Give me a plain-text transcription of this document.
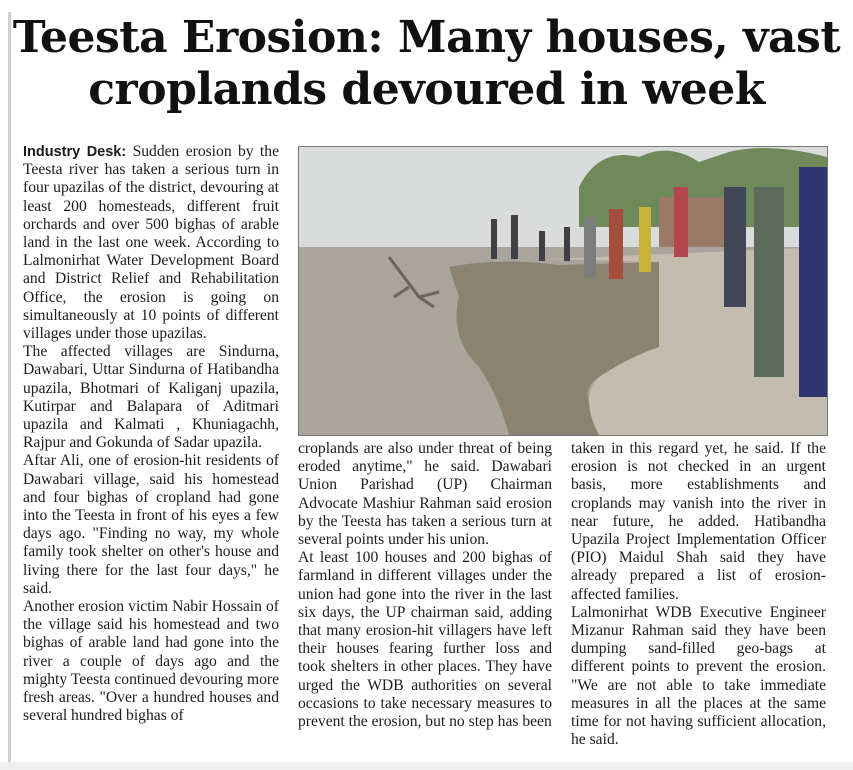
Teesta Erosion: Many houses, vast
croplands devoured in week

Industry Desk: Sudden erosion by the Teesta river has taken a serious turn in four upazilas of the district, devouring at least 200 homesteads, different fruit orchards and over 500 bighas of arable land in the last one week. According to Lalmonirhat Water Development Board and District Relief and Rehabilitation Office, the erosion is going on simultaneously at 10 points of different villages under those upazilas.

The affected villages are Sindurna, Dawabari, Uttar Sindurna of Hatibandha upazila, Bhotmari of Kaliganj upazila, Kutirpar and Balapara of Aditmari upazila and Kalmati , Khuniagachh, Rajpur and Gokunda of Sadar upazila.

Aftar Ali, one of erosion-hit residents of Dawabari village, said his homestead and four bighas of cropland had gone into the Teesta in front of his eyes a few days ago. "Finding no way, my whole family took shelter on other's house and living there for the last four days," he said.

Another erosion victim Nabir Hossain of the village said his homestead and two bighas of arable land had gone into the river a couple of days ago and the mighty Teesta continued devouring more fresh areas. "Over a hundred houses and several hundred bighas of

croplands are also under threat of being eroded anytime," he said. Dawabari Union Parishad (UP) Chairman Advocate Mashiur Rahman said erosion by the Teesta has taken a serious turn at several points under his union.

At least 100 houses and 200 bighas of farmland in different villages under the union had gone into the river in the last six days, the UP chairman said, adding that many erosion-hit villagers have left their houses fearing further loss and took shelters in other places. They have urged the WDB authorities on several occasions to take necessary measures to prevent the erosion, but no step has been

taken in this regard yet, he said. If the erosion is not checked in an urgent basis, more establishments and croplands may vanish into the river in near future, he added. Hatibandha Upazila Project Implementation Officer (PIO) Maidul Shah said they have already prepared a list of erosion-affected families.

Lalmonirhat WDB Executive Engineer Mizanur Rahman said they have been dumping sand-filled geo-bags at different points to prevent the erosion. "We are not able to take immediate measures in all the places at the same time for not having sufficient allocation, he said.
